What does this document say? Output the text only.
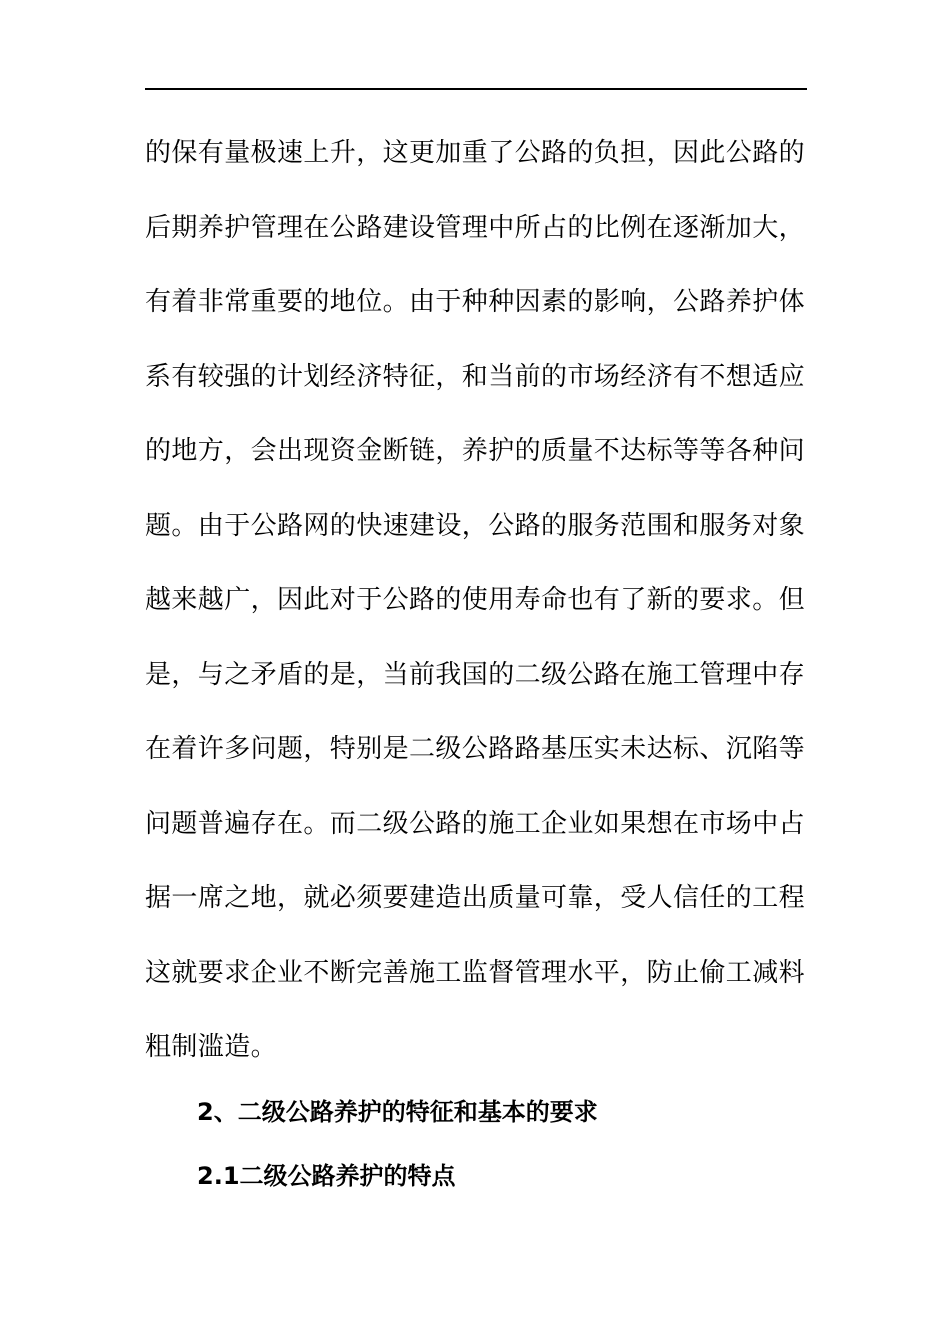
的保有量极速上升，这更加重了公路的负担，因此公路的
后期养护管理在公路建设管理中所占的比例在逐渐加大，
有着非常重要的地位。由于种种因素的影响，公路养护体
系有较强的计划经济特征，和当前的市场经济有不想适应
的地方，会出现资金断链，养护的质量不达标等等各种问
题。由于公路网的快速建设，公路的服务范围和服务对象
越来越广，因此对于公路的使用寿命也有了新的要求。但
是，与之矛盾的是，当前我国的二级公路在施工管理中存
在着许多问题，特别是二级公路路基压实未达标、沉陷等
问题普遍存在。而二级公路的施工企业如果想在市场中占
据一席之地，就必须要建造出质量可靠，受人信任的工程
这就要求企业不断完善施工监督管理水平，防止偷工减料
粗制滥造。
2、二级公路养护的特征和基本的要求
2.1二级公路养护的特点
